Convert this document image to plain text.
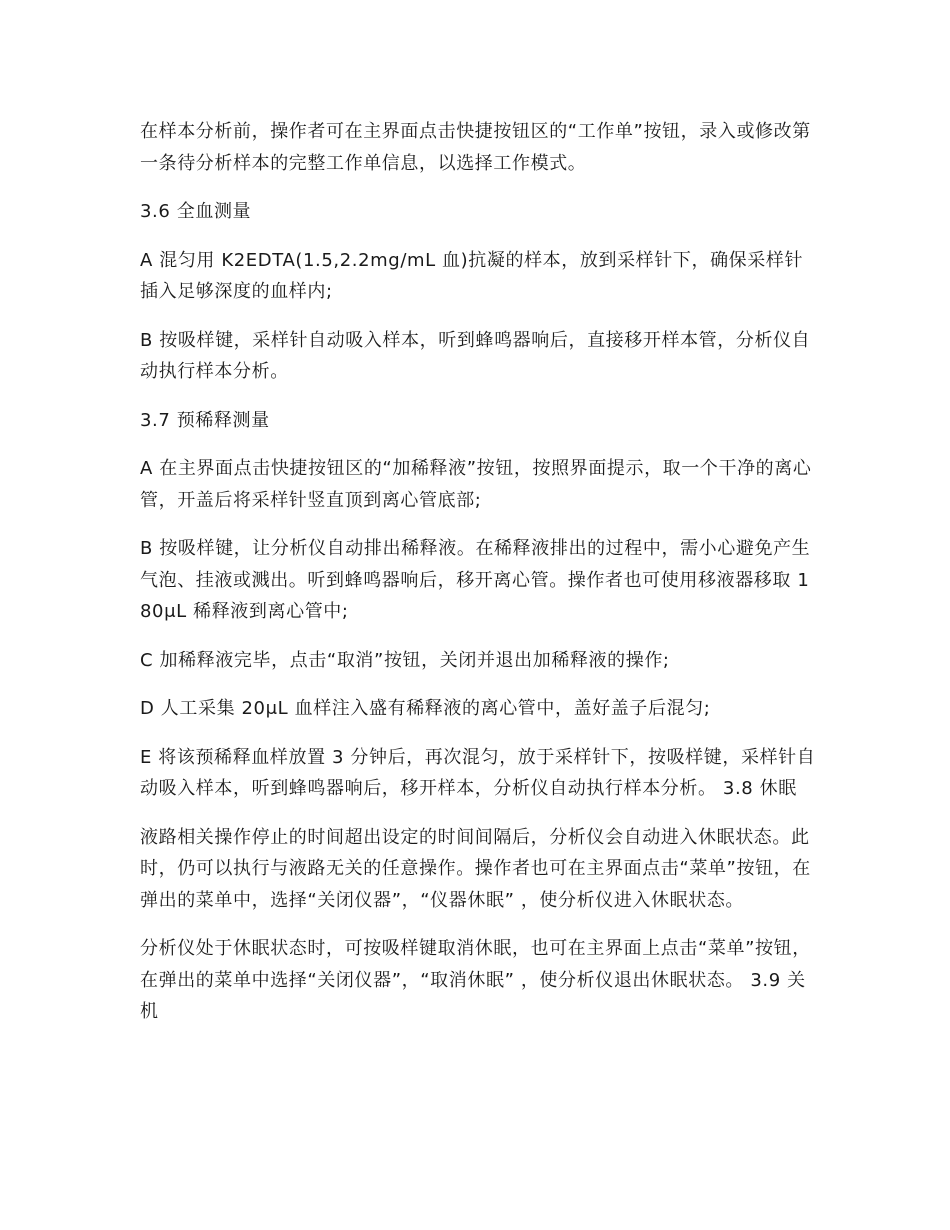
在样本分析前，操作者可在主界面点击快捷按钮区的“工作单”按钮，录入或修改第一条待分析样本的完整工作单信息，以选择工作模式。

3.6 全血测量

A 混匀用 K2EDTA(1.5,2.2mg/mL 血)抗凝的样本，放到采样针下，确保采样针插入足够深度的血样内;

B 按吸样键，采样针自动吸入样本，听到蜂鸣器响后，直接移开样本管，分析仪自动执行样本分析。

3.7 预稀释测量

A 在主界面点击快捷按钮区的“加稀释液”按钮，按照界面提示，取一个干净的离心管，开盖后将采样针竖直顶到离心管底部;

B 按吸样键，让分析仪自动排出稀释液。在稀释液排出的过程中，需小心避免产生气泡、挂液或溅出。听到蜂鸣器响后，移开离心管。操作者也可使用移液器移取 180μL 稀释液到离心管中;

C 加稀释液完毕，点击“取消”按钮，关闭并退出加稀释液的操作;

D 人工采集 20μL 血样注入盛有稀释液的离心管中，盖好盖子后混匀;

E 将该预稀释血样放置 3 分钟后，再次混匀，放于采样针下，按吸样键，采样针自动吸入样本，听到蜂鸣器响后，移开样本，分析仪自动执行样本分析。 3.8 休眠

液路相关操作停止的时间超出设定的时间间隔后，分析仪会自动进入休眠状态。此时，仍可以执行与液路无关的任意操作。操作者也可在主界面点击“菜单”按钮，在弹出的菜单中，选择“关闭仪器”，“仪器休眠” ，使分析仪进入休眠状态。

分析仪处于休眠状态时，可按吸样键取消休眠，也可在主界面上点击“菜单”按钮，在弹出的菜单中选择“关闭仪器”，“取消休眠” ，使分析仪退出休眠状态。 3.9 关机
